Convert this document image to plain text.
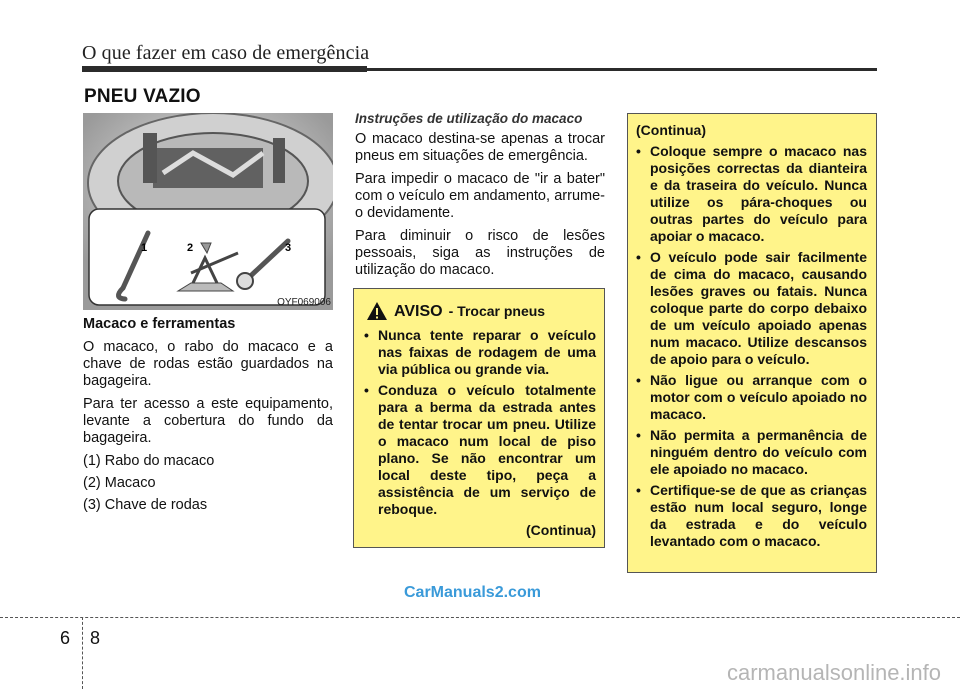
O que fazer em caso de emergência
PNEU VAZIO
1	2	3
OYF069006
Macaco e ferramentas

O macaco, o rabo do macaco e a chave de rodas estão guardados na bagageira.

Para ter acesso a este equipamento, levante a cobertura do fundo da bagageira.

(1) Rabo do macaco
(2) Macaco
(3) Chave de rodas
Instruções de utilização do macaco

O macaco destina-se apenas a trocar pneus em situações de emergência.

Para impedir o macaco de "ir a bater" com o veículo em andamento, arrume-o devidamente.

Para diminuir o risco de lesões pessoais, siga as instruções de utilização do macaco.

AVISO - Trocar pneus
• Nunca tente reparar o veículo nas faixas de rodagem de uma via pública ou grande via.
• Conduza o veículo totalmente para a berma da estrada antes de tentar trocar um pneu. Utilize o macaco num local de piso plano. Se não encontrar um local deste tipo, peça a assistência de um serviço de reboque.
(Continua)
(Continua)
• Coloque sempre o macaco nas posições correctas da dianteira e da traseira do veículo. Nunca utilize os pára-choques ou outras partes do veículo para apoiar o macaco.
• O veículo pode sair facilmente de cima do macaco, causando lesões graves ou fatais. Nunca coloque parte do corpo debaixo de um veículo apoiado apenas num macaco. Utilize descansos de apoio para o veículo.
• Não ligue ou arranque com o motor com o veículo apoiado no macaco.
• Não permita a permanência de ninguém dentro do veículo com ele apoiado no macaco.
• Certifique-se de que as crianças estão num local seguro, longe da estrada e do veículo levantado com o macaco.
CarManuals2.com
6 8
carmanualsonline.info
